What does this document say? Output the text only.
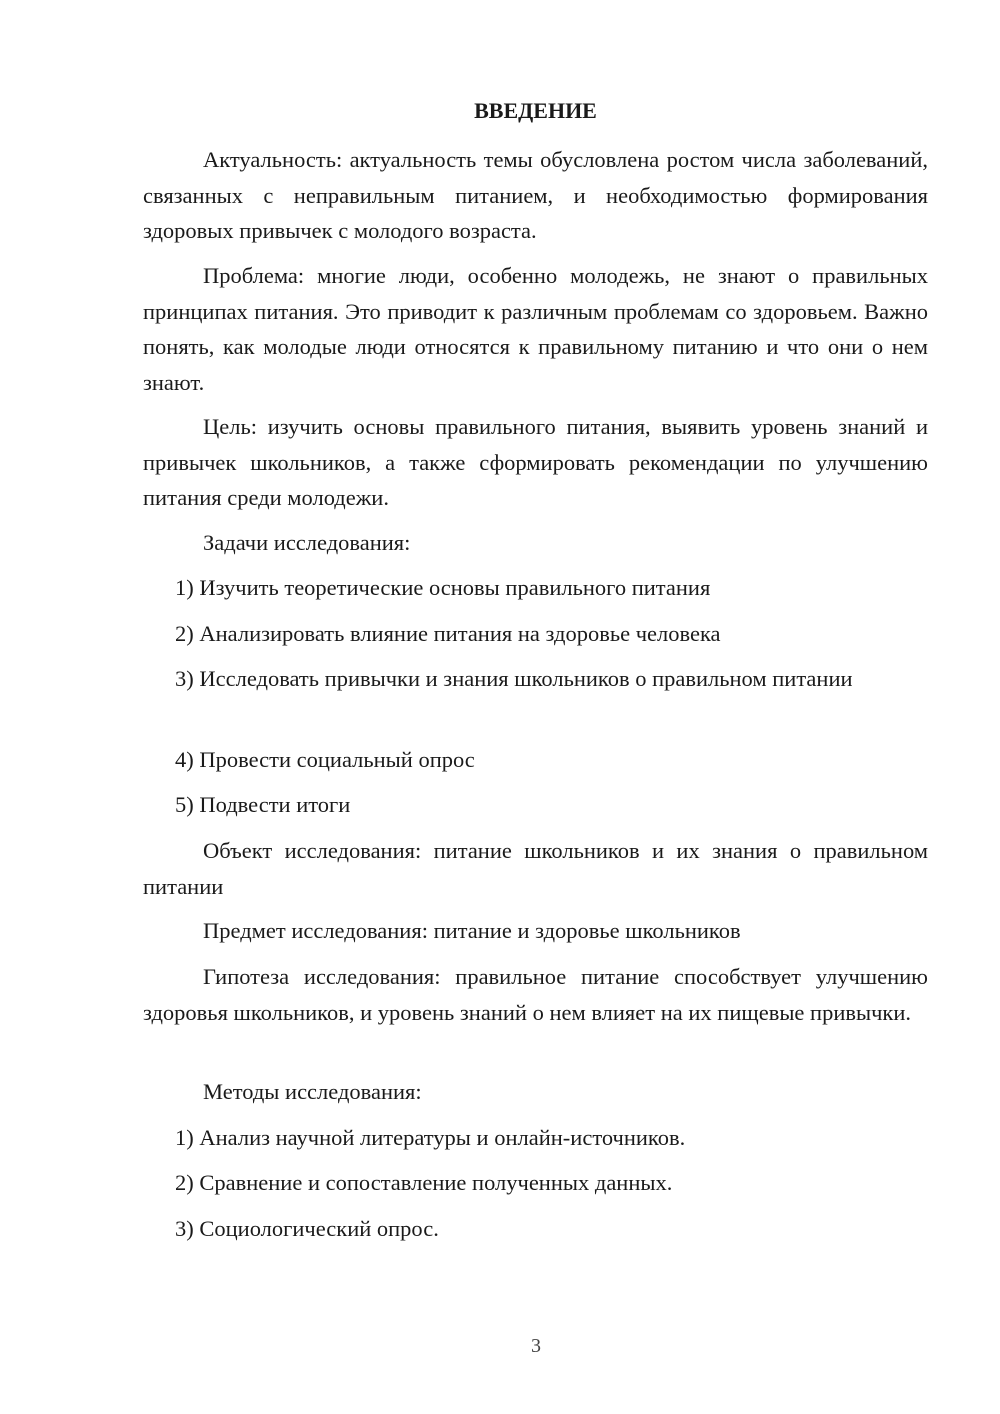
ВВЕДЕНИЕ

Актуальность: актуальность темы обусловлена ростом числа заболеваний, связанных с неправильным питанием, и необходимостью формирования здоровых привычек с молодого возраста.

Проблема: многие люди, особенно молодежь, не знают о правильных принципах питания. Это приводит к различным проблемам со здоровьем. Важно понять, как молодые люди относятся к правильному питанию и что они о нем знают.

Цель: изучить основы правильного питания, выявить уровень знаний и привычек школьников, а также сформировать рекомендации по улучшению питания среди молодежи.

Задачи исследования:

1) Изучить теоретические основы правильного питания

2) Анализировать влияние питания на здоровье человека

3) Исследовать привычки и знания школьников о правильном питании

4) Провести социальный опрос

5) Подвести итоги

Объект исследования: питание школьников и их знания о правильном питании

Предмет исследования: питание и здоровье школьников

Гипотеза исследования: правильное питание способствует улучшению здоровья школьников, и уровень знаний о нем влияет на их пищевые привычки.

Методы исследования:

1) Анализ научной литературы и онлайн-источников.

2) Сравнение и сопоставление полученных данных.

3) Социологический опрос.

3
